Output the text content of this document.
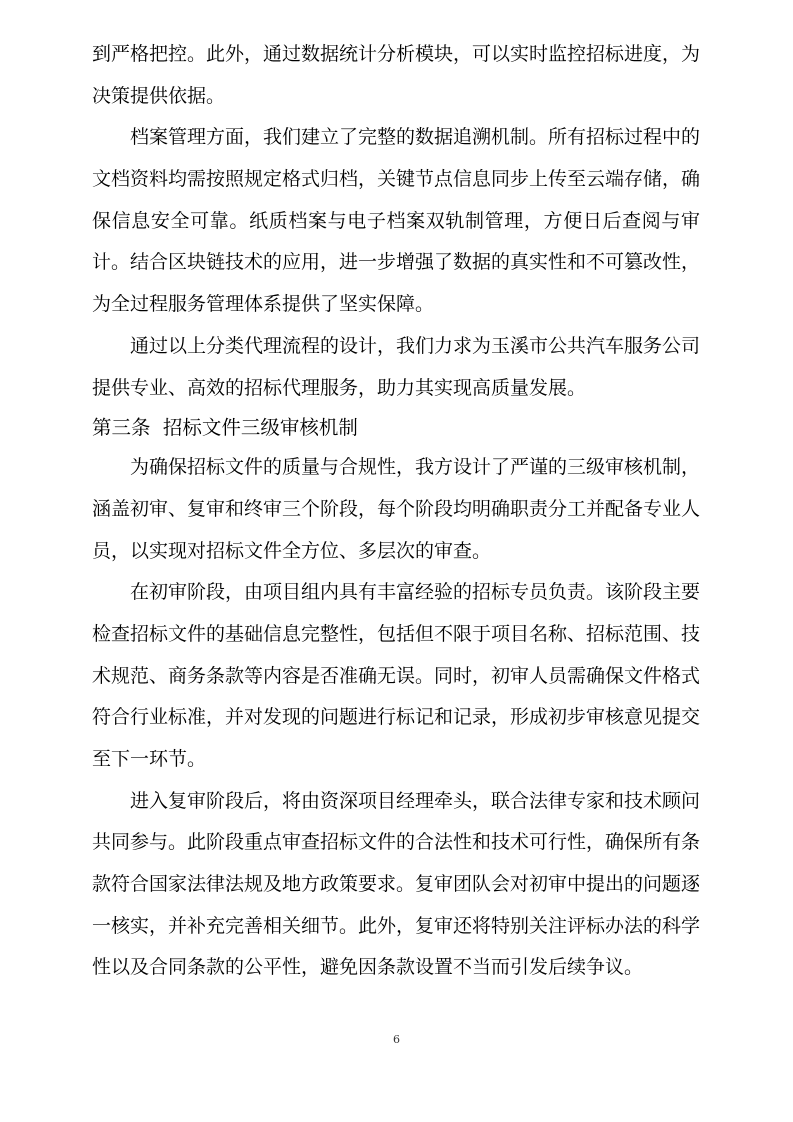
到严格把控。此外，通过数据统计分析模块，可以实时监控招标进度，为
决策提供依据。
档案管理方面，我们建立了完整的数据追溯机制。所有招标过程中的
文档资料均需按照规定格式归档，关键节点信息同步上传至云端存储，确
保信息安全可靠。纸质档案与电子档案双轨制管理，方便日后查阅与审
计。结合区块链技术的应用，进一步增强了数据的真实性和不可篡改性，
为全过程服务管理体系提供了坚实保障。
通过以上分类代理流程的设计，我们力求为玉溪市公共汽车服务公司
提供专业、高效的招标代理服务，助力其实现高质量发展。
第三条  招标文件三级审核机制
为确保招标文件的质量与合规性，我方设计了严谨的三级审核机制，
涵盖初审、复审和终审三个阶段，每个阶段均明确职责分工并配备专业人
员，以实现对招标文件全方位、多层次的审查。
在初审阶段，由项目组内具有丰富经验的招标专员负责。该阶段主要
检查招标文件的基础信息完整性，包括但不限于项目名称、招标范围、技
术规范、商务条款等内容是否准确无误。同时，初审人员需确保文件格式
符合行业标准，并对发现的问题进行标记和记录，形成初步审核意见提交
至下一环节。
进入复审阶段后，将由资深项目经理牵头，联合法律专家和技术顾问
共同参与。此阶段重点审查招标文件的合法性和技术可行性，确保所有条
款符合国家法律法规及地方政策要求。复审团队会对初审中提出的问题逐
一核实，并补充完善相关细节。此外，复审还将特别关注评标办法的科学
性以及合同条款的公平性，避免因条款设置不当而引发后续争议。
6
